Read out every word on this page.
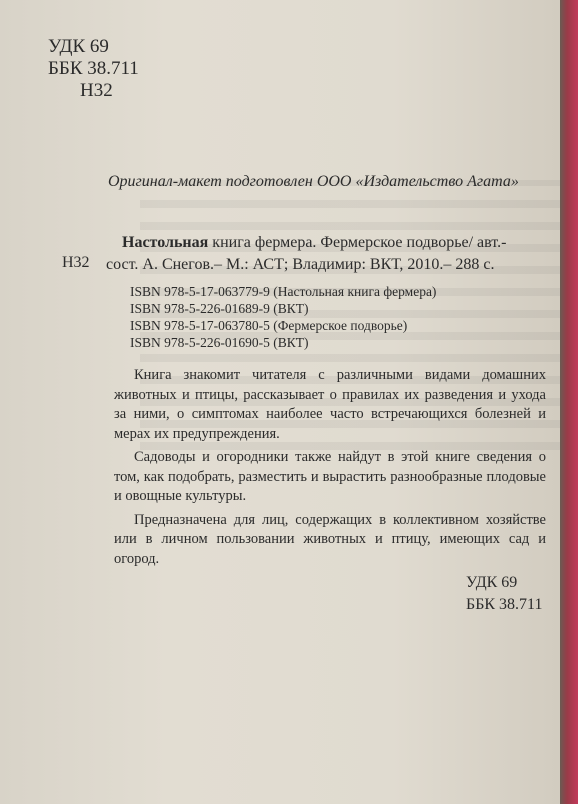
УДК 69
ББК 38.711
Н32
Оригинал-макет подготовлен ООО «Издательство Агата»
Н32
Настольная книга фермера. Фермерское подворье/ авт.-
сост. А. Снегов.– М.: АСТ; Владимир: ВКТ, 2010.– 288 с.
ISBN 978-5-17-063779-9 (Настольная книга фермера)
ISBN 978-5-226-01689-9 (ВКТ)
ISBN 978-5-17-063780-5 (Фермерское подворье)
ISBN 978-5-226-01690-5 (ВКТ)

Книга знакомит читателя с различными видами домашних животных и птицы, рассказывает о правилах их разведения и ухода за ними, о симптомах наиболее часто встречающихся болезней и мерах их предупреждения.

Садоводы и огородники также найдут в этой книге сведения о том, как подобрать, разместить и вырастить разнообразные плодовые и овощные культуры.

Предназначена для лиц, содержащих в коллективном хозяйстве или в личном пользовании животных и птицу, имеющих сад и огород.

УДК 69
ББК 38.711
